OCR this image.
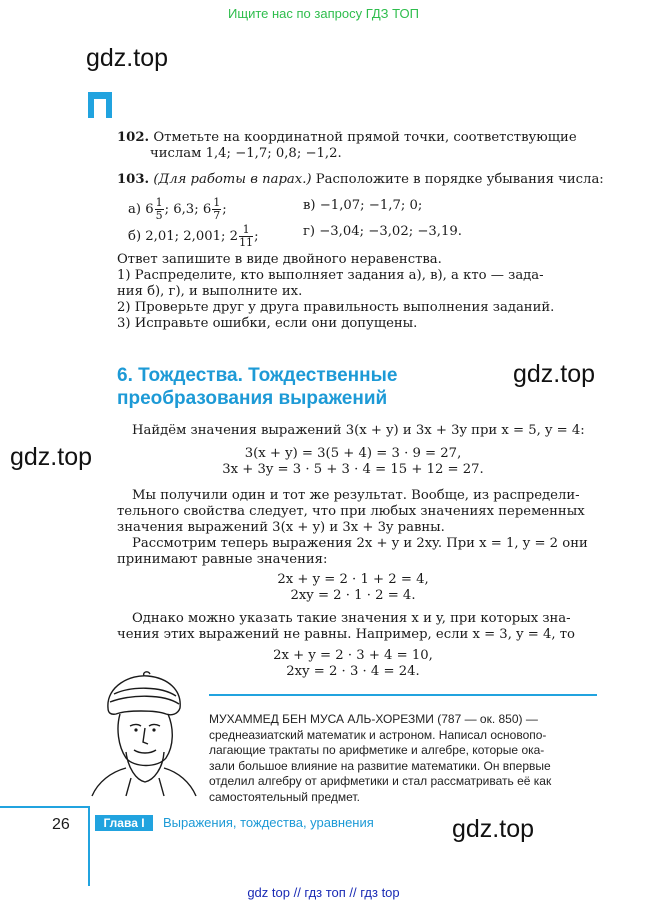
Ищите нас по запросу ГДЗ ТОП
gdz.top
gdz.top
gdz.top
gdz.top
102. Отметьте на координатной прямой точки, соответствующие
числам 1,4; −1,7; 0,8; −1,2.
103. (Для работы в парах.) Расположите в порядке убывания числа:
а) $6 \frac{1}{5}$ ; 6,3; $6 \frac{1}{7}$ ;
б) 2,01; 2,001; $2 \frac{1}{11}$ ;
в) −1,07; −1,7; 0;
г) −3,04; −3,02; −3,19.
Ответ запишите в виде двойного неравенства.
1) Распределите, кто выполняет задания а), в), а кто — зада-
ния б), г), и выполните их.
2) Проверьте друг у друга правильность выполнения заданий.
3) Исправьте ошибки, если они допущены.
6. Тождества. Тождественные
преобразования выражений
Найдём значения выражений 3(x + y) и 3x + 3y при x = 5, y = 4:
3(x + y) = 3(5 + 4) = 3 · 9 = 27,
3x + 3y = 3 · 5 + 3 · 4 = 15 + 12 = 27.
Мы получили один и тот же результат. Вообще, из распредели-
тельного свойства следует, что при любых значениях переменных
значения выражений 3(x + y) и 3x + 3y равны.
Рассмотрим теперь выражения 2x + y и 2xy. При x = 1, y = 2 они
принимают равные значения:
2x + y = 2 · 1 + 2 = 4,
2xy = 2 · 1 · 2 = 4.
Однако можно указать такие значения x и y, при которых зна-
чения этих выражений не равны. Например, если x = 3, y = 4, то
2x + y = 2 · 3 + 4 = 10,
2xy = 2 · 3 · 4 = 24.
МУХАММЕД БЕН МУСА АЛЬ-ХОРЕЗМИ (787 — ок. 850) —
среднеазиатский математик и астроном. Написал основопо-
лагающие трактаты по арифметике и алгебре, которые ока-
зали большое влияние на развитие математики. Он впервые
отделил алгебру от арифметики и стал рассматривать её как
самостоятельный предмет.
26	Глава I	Выражения, тождества, уравнения
gdz top // гдз топ // гдз top
